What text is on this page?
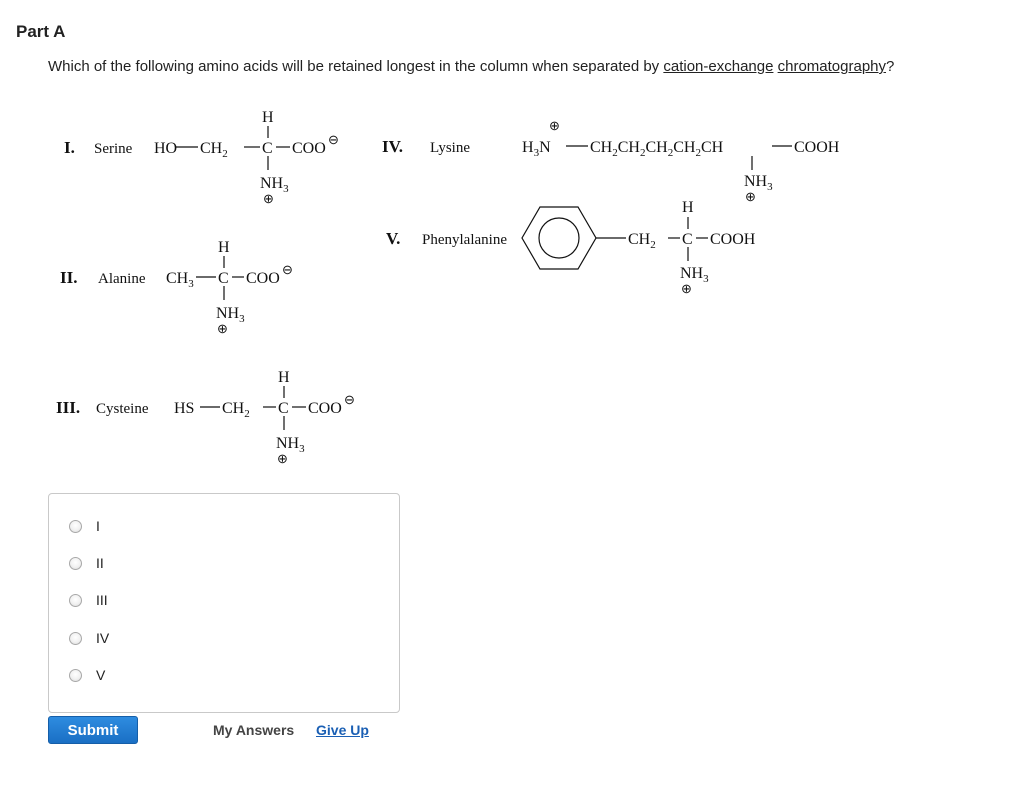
Part A
Which of the following amino acids will be retained longest in the column when separated by cation-exchange chromatography?
I. Serine HO $CH_2$ C COO
⊖
H
$NH_3$
⊕
II. Alanine $CH_3$ C COO
⊖
H
$NH_3$
⊕
III. Cysteine HS $CH_2$ C COO
⊖
H
$NH_3$
⊕
IV. Lysine	$H_3N$
⊕
$CH_2CH_2CH_2CH_2CH$	COOH
$NH_3$
⊕
V. Phenylalanine	$CH_2$ C COOH
H
$NH_3$
⊕
I
II
III
IV
V
Submit	My Answers Give Up
